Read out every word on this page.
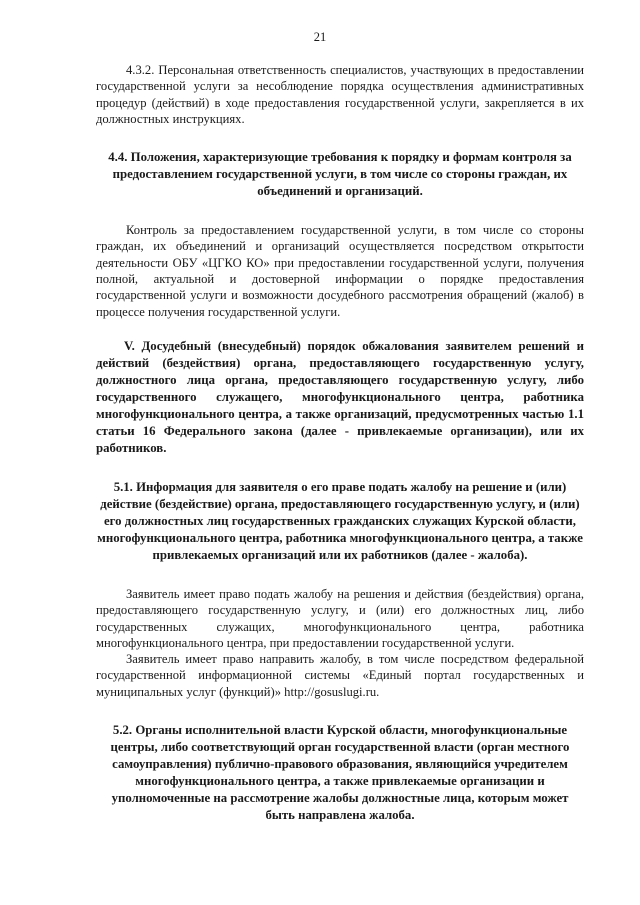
21

4.3.2. Персональная ответственность специалистов, участвующих в предоставлении государственной услуги за несоблюдение порядка осуществления административных процедур (действий) в ходе предоставления государственной услуги, закрепляется в их должностных инструкциях.

4.4. Положения, характеризующие требования к порядку и формам контроля за предоставлением государственной услуги, в том числе со стороны граждан, их объединений и организаций.

Контроль за предоставлением государственной услуги, в том числе со стороны граждан, их объединений и организаций осуществляется посредством открытости деятельности ОБУ «ЦГКО КО» при предоставлении государственной услуги, получения полной, актуальной и достоверной информации о порядке предоставления государственной услуги и возможности досудебного рассмотрения обращений (жалоб) в процессе получения государственной услуги.

V. Досудебный (внесудебный) порядок обжалования заявителем решений и действий (бездействия) органа, предоставляющего государственную услугу, должностного лица органа, предоставляющего государственную услугу, либо государственного служащего, многофункционального центра, работника многофункционального центра, а также организаций, предусмотренных частью 1.1 статьи 16 Федерального закона (далее - привлекаемые организации), или их работников.

5.1. Информация для заявителя о его праве подать жалобу на решение и (или) действие (бездействие) органа, предоставляющего государственную услугу, и (или) его должностных лиц государственных гражданских служащих Курской области, многофункционального центра, работника многофункционального центра, а также привлекаемых организаций или их работников (далее - жалоба).

Заявитель имеет право подать жалобу на решения и действия (бездействия) органа, предоставляющего государственную услугу, и (или) его должностных лиц, либо государственных служащих, многофункционального центра, работника многофункционального центра, при предоставлении государственной услуги.

Заявитель имеет право направить жалобу, в том числе посредством федеральной государственной информационной системы «Единый портал государственных и муниципальных услуг (функций)» http://gosuslugi.ru.

5.2. Органы исполнительной власти Курской области, многофункциональные центры, либо соответствующий орган государственной власти (орган местного самоуправления) публично-правового образования, являющийся учредителем многофункционального центра, а также привлекаемые организации и уполномоченные на рассмотрение жалобы должностные лица, которым может быть направлена жалоба.
